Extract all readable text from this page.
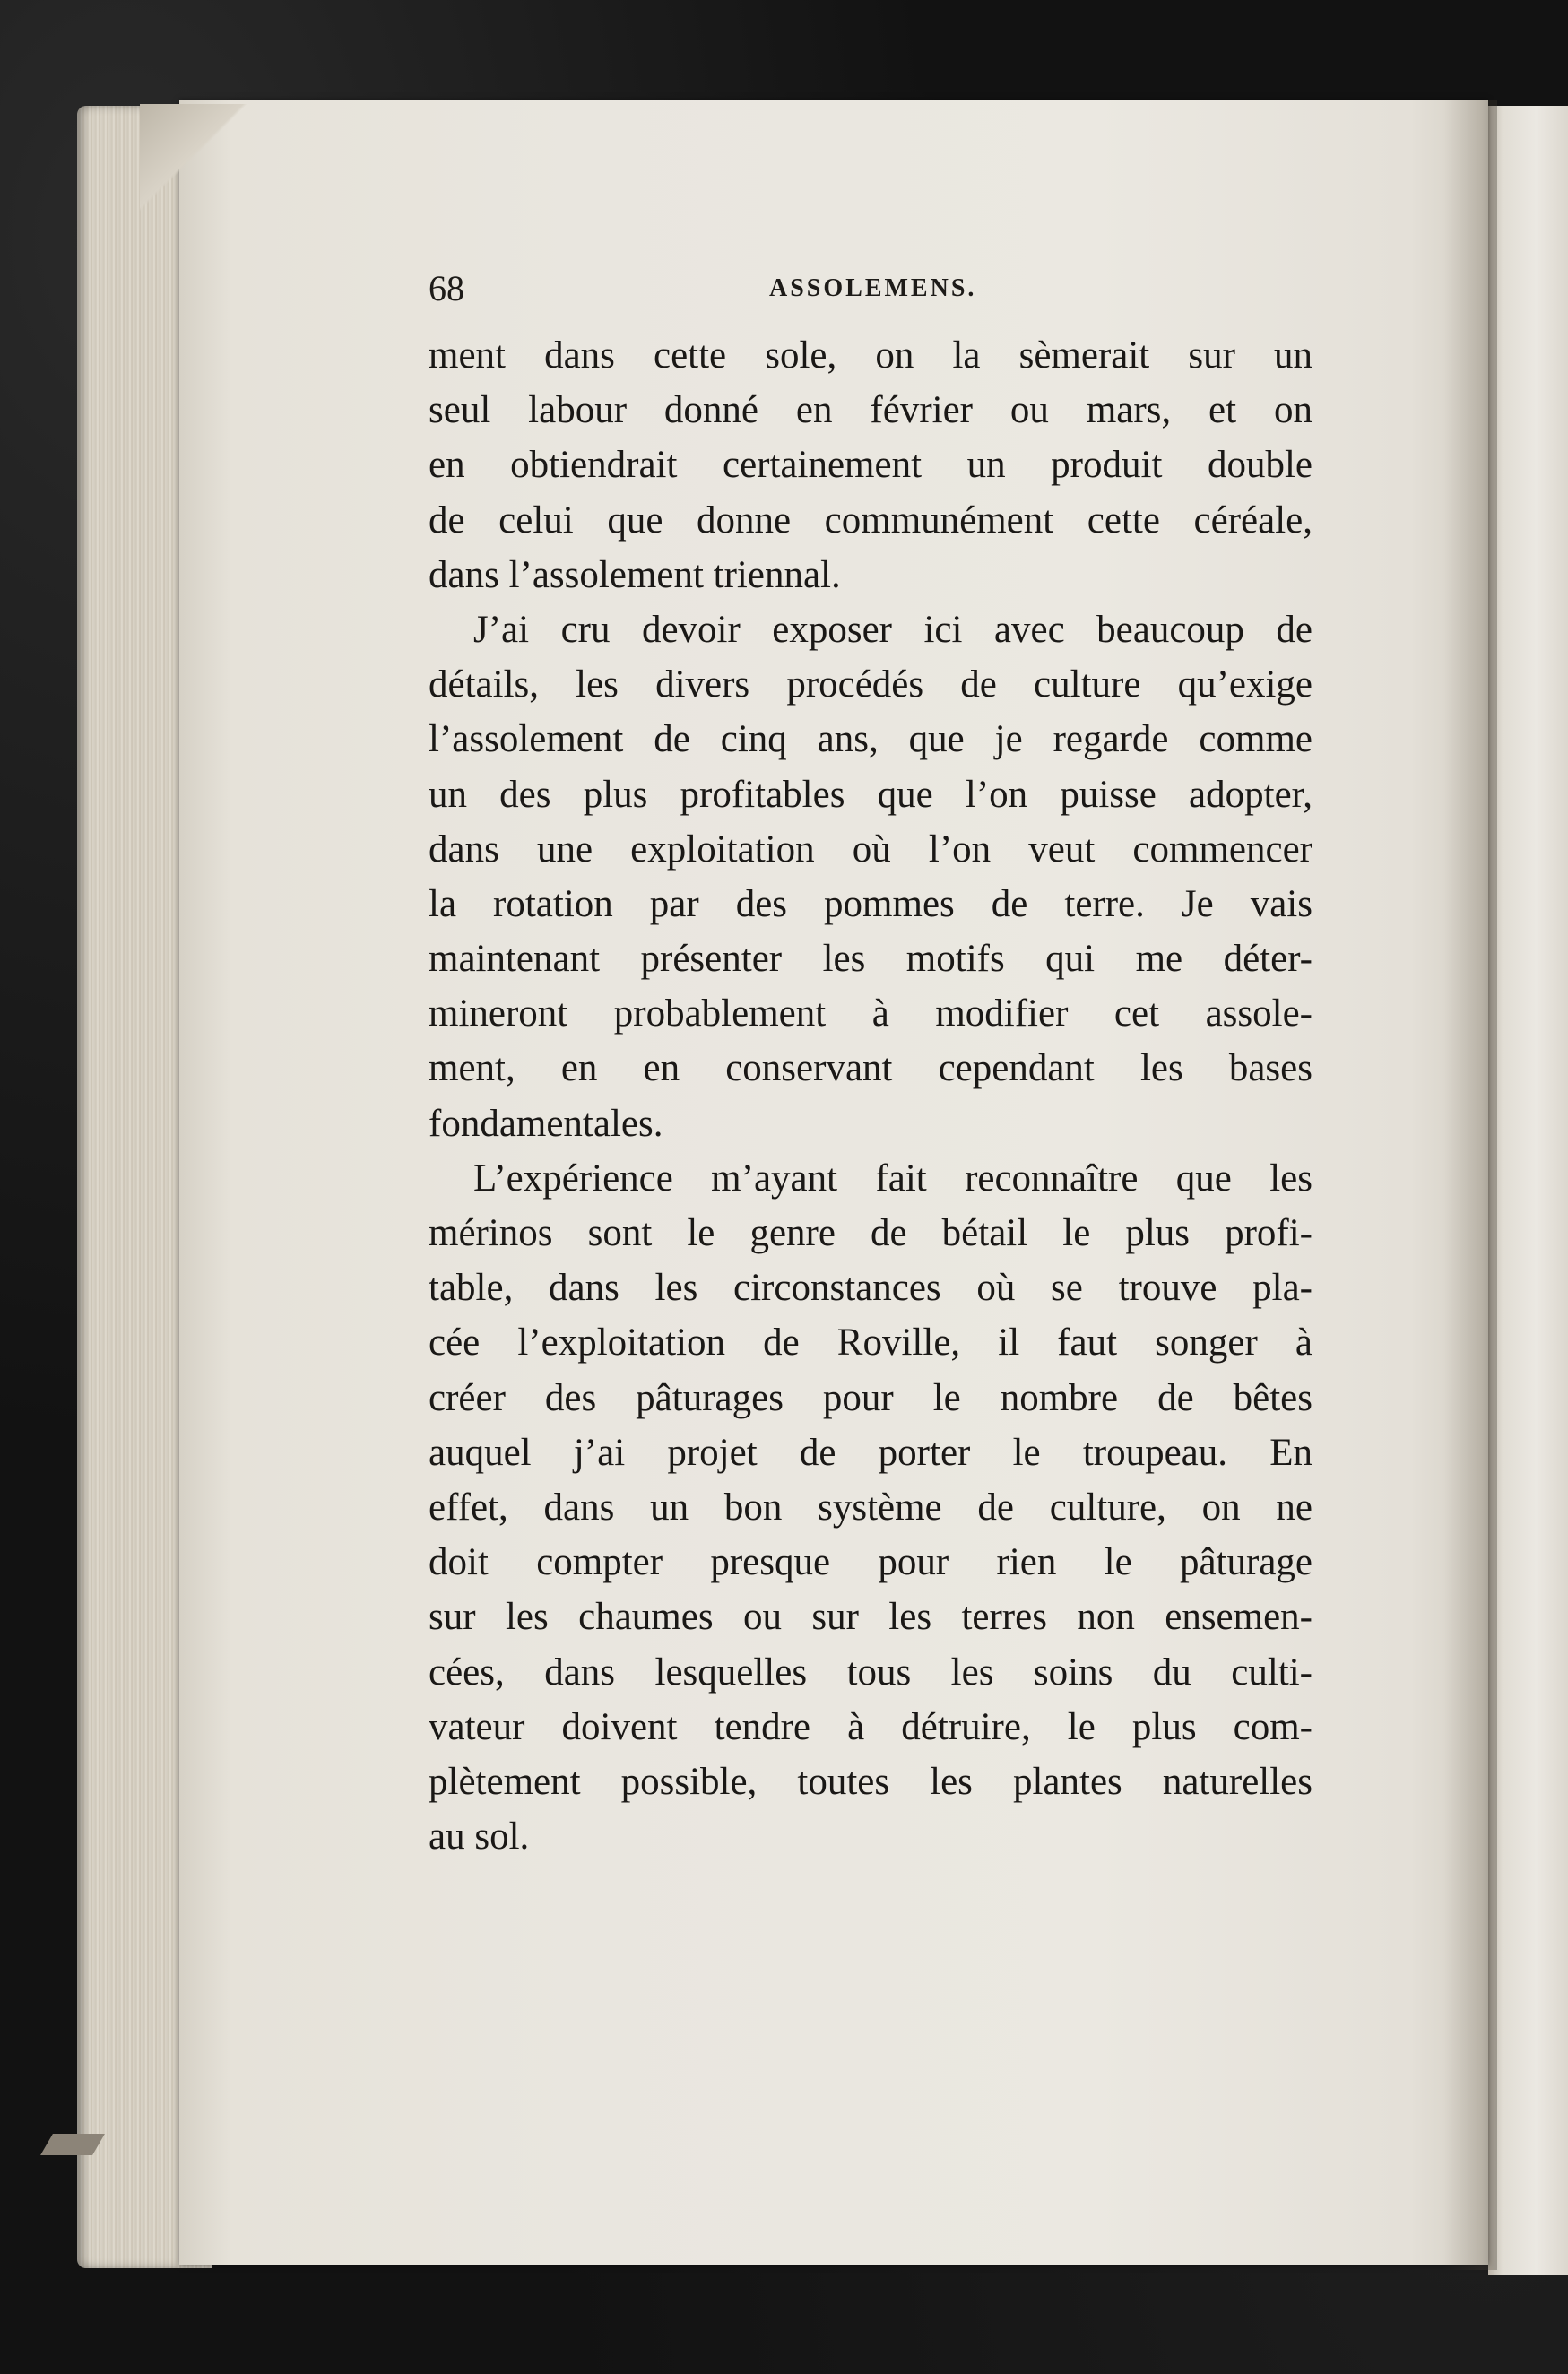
68	ASSOLEMENS.
ment dans cette sole, on la sèmerait sur un
seul labour donné en février ou mars, et on
en obtiendrait certainement un produit double
de celui que donne communément cette céréale,
dans l’assolement triennal.
J’ai cru devoir exposer ici avec beaucoup de
détails, les divers procédés de culture qu’exige
l’assolement de cinq ans, que je regarde comme
un des plus profitables que l’on puisse adopter,
dans une exploitation où l’on veut commencer
la rotation par des pommes de terre. Je vais
maintenant présenter les motifs qui me déter-
mineront probablement à modifier cet assole-
ment, en en conservant cependant les bases
fondamentales.
L’expérience m’ayant fait reconnaître que les
mérinos sont le genre de bétail le plus profi-
table, dans les circonstances où se trouve pla-
cée l’exploitation de Roville, il faut songer à
créer des pâturages pour le nombre de bêtes
auquel j’ai projet de porter le troupeau. En
effet, dans un bon système de culture, on ne
doit compter presque pour rien le pâturage
sur les chaumes ou sur les terres non ensemen-
cées, dans lesquelles tous les soins du culti-
vateur doivent tendre à détruire, le plus com-
plètement possible, toutes les plantes naturelles
au sol.
